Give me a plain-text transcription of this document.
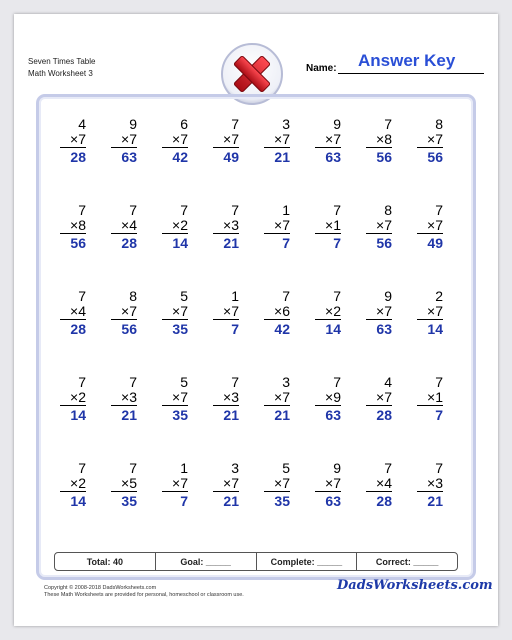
Seven Times Table
Math Worksheet 3	Name: Answer Key
4
×7
28
9
×7
63
6
×7
42
7
×7
49
3
×7
21
9
×7
63
7
×8
56
8
×7
56
7
×8
56
7
×4
28
7
×2
14
7
×3
21
1
×7
7
7
×1
7
8
×7
56
7
×7
49
7
×4
28
8
×7
56
5
×7
35
1
×7
7
7
×6
42
7
×2
14
9
×7
63
2
×7
14
7
×2
14
7
×3
21
5
×7
35
7
×3
21
3
×7
21
7
×9
63
4
×7
28
7
×1
7
7
×2
14
7
×5
35
1
×7
7
3
×7
21
5
×7
35
9
×7
63
7
×4
28
7
×3
21
Total: 40	Goal: _____	Complete: _____	Correct: _____
Copyright © 2008-2018 DadsWorksheets.com
These Math Worksheets are provided for personal, homeschool or classroom use.
DadsWorksheets.com
